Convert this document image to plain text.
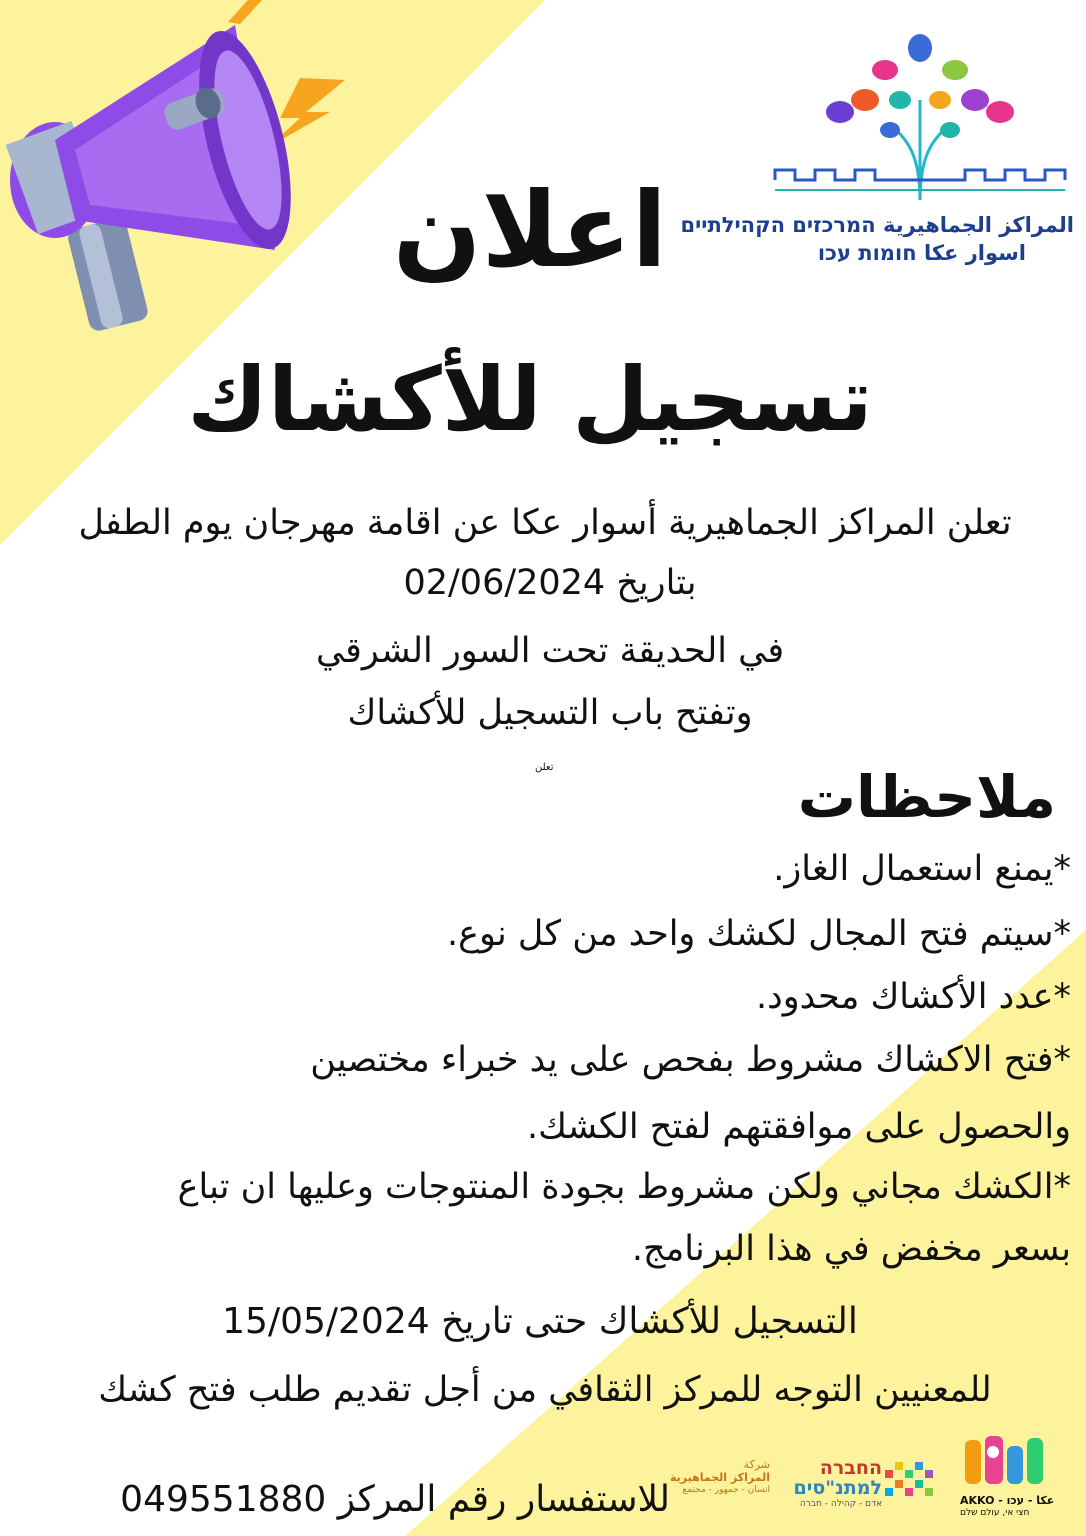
المراكز الجماهيرية המרכזים הקהילתיים
اسوار عكا חומות עכו
اعلان
تسجيل للأكشاك
تعلن المراكز الجماهيرية أسوار عكا عن اقامة مهرجان يوم الطفل
بتاريخ 02/06/2024
في الحديقة تحت السور الشرقي
وتفتح باب التسجيل للأكشاك
تعلن	ملاحظات
*يمنع استعمال الغاز.
*سيتم فتح المجال لكشك واحد من كل نوع.
*عدد الأكشاك محدود.
*فتح الاكشاك مشروط بفحص على يد خبراء مختصين
والحصول على موافقتهم لفتح الكشك.
*الكشك مجاني ولكن مشروط بجودة المنتوجات وعليها ان تباع
بسعر مخفض في هذا البرنامج.
التسجيل للأكشاك حتى تاريخ 15/05/2024
للمعنيين التوجه للمركز الثقافي من أجل تقديم طلب فتح كشك
للاستفسار رقم المركز 049551880
شركة
المراكز الجماهيرية
انسان - جمهور - مجتمع
החברה
למתנ"סים
אדם - קהילה - חברה	AKKO - عكا - עכו
חצי אי, עולם שלם
